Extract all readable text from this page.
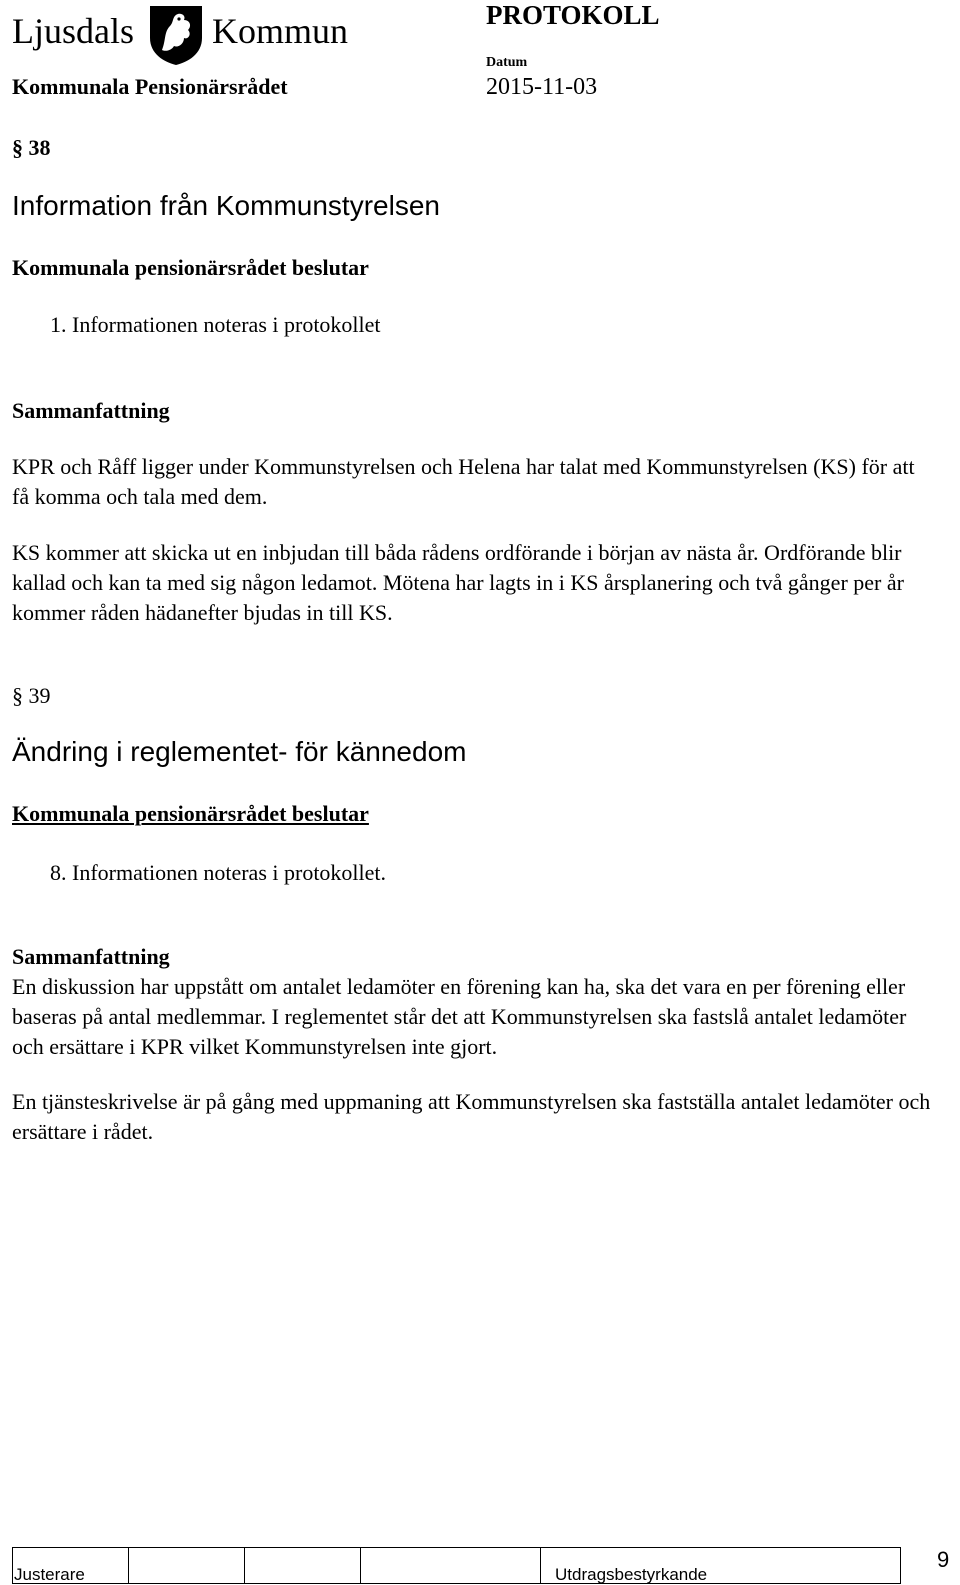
Ljusdals Kommun	PROTOKOLL
Datum
Kommunala Pensionärsrådet	2015-11-03
§ 38
Information från Kommunstyrelsen
Kommunala pensionärsrådet beslutar
1. Informationen noteras i protokollet
Sammanfattning
KPR och Råff ligger under Kommunstyrelsen och Helena har talat med Kommunstyrelsen (KS) för att få komma och tala med dem.
KS kommer att skicka ut en inbjudan till båda rådens ordförande i början av nästa år. Ordförande blir kallad och kan ta med sig någon ledamot. Mötena har lagts in i KS årsplanering och två gånger per år kommer råden hädanefter bjudas in till KS.
§ 39
Ändring i reglementet- för kännedom
Kommunala pensionärsrådet beslutar
8. Informationen noteras i protokollet.
Sammanfattning
En diskussion har uppstått om antalet ledamöter en förening kan ha, ska det vara en per förening eller baseras på antal medlemmar. I reglementet står det att Kommunstyrelsen ska fastslå antalet ledamöter och ersättare i KPR vilket Kommunstyrelsen inte gjort.
En tjänsteskrivelse är på gång med uppmaning att Kommunstyrelsen ska fastställa antalet ledamöter och ersättare i rådet.

Justerare	Utdragsbestyrkande
9
